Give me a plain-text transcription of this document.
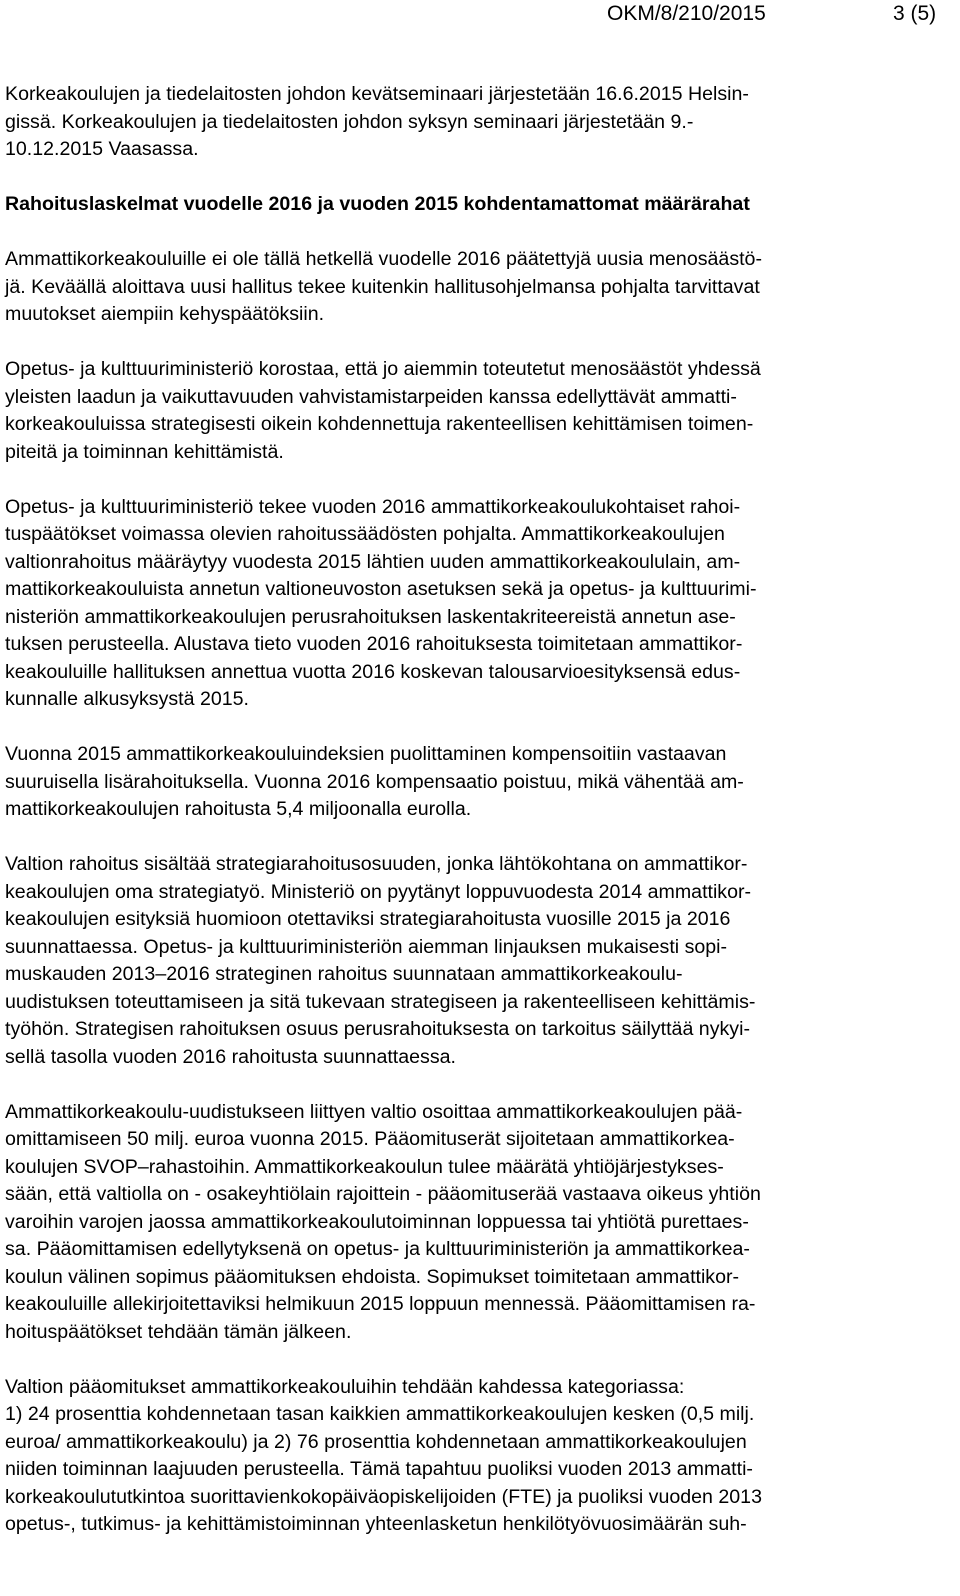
OKM/8/210/2015	3 (5)

Korkeakoulujen ja tiedelaitosten johdon kevätseminaari järjestetään 16.6.2015 Helsin-
gissä. Korkeakoulujen ja tiedelaitosten johdon syksyn seminaari järjestetään 9.-
10.12.2015 Vaasassa.

Rahoituslaskelmat vuodelle 2016 ja vuoden 2015 kohdentamattomat määrärahat

Ammattikorkeakouluille ei ole tällä hetkellä vuodelle 2016 päätettyjä uusia menosäästö-
jä. Keväällä aloittava uusi hallitus tekee kuitenkin hallitusohjelmansa pohjalta tarvittavat
muutokset aiempiin kehyspäätöksiin.

Opetus- ja kulttuuriministeriö korostaa, että jo aiemmin toteutetut menosäästöt yhdessä
yleisten laadun ja vaikuttavuuden vahvistamistarpeiden kanssa edellyttävät ammatti-
korkeakouluissa strategisesti oikein kohdennettuja rakenteellisen kehittämisen toimen-
piteitä ja toiminnan kehittämistä.

Opetus- ja kulttuuriministeriö tekee vuoden 2016 ammattikorkeakoulukohtaiset rahoi-
tuspäätökset voimassa olevien rahoitussäädösten pohjalta. Ammattikorkeakoulujen
valtionrahoitus määräytyy vuodesta 2015 lähtien uuden ammattikorkeakoululain, am-
mattikorkeakouluista annetun valtioneuvoston asetuksen sekä ja opetus- ja kulttuurimi-
nisteriön ammattikorkeakoulujen perusrahoituksen laskentakriteereistä annetun ase-
tuksen perusteella. Alustava tieto vuoden 2016 rahoituksesta toimitetaan ammattikor-
keakouluille hallituksen annettua vuotta 2016 koskevan talousarvioesityksensä edus-
kunnalle alkusyksystä 2015.

Vuonna 2015 ammattikorkeakouluindeksien puolittaminen kompensoitiin vastaavan
suuruisella lisärahoituksella. Vuonna 2016 kompensaatio poistuu, mikä vähentää am-
mattikorkeakoulujen rahoitusta 5,4 miljoonalla eurolla.

Valtion rahoitus sisältää strategiarahoitusosuuden, jonka lähtökohtana on ammattikor-
keakoulujen oma strategiatyö. Ministeriö on pyytänyt loppuvuodesta 2014 ammattikor-
keakoulujen esityksiä huomioon otettaviksi strategiarahoitusta vuosille 2015 ja 2016
suunnattaessa. Opetus- ja kulttuuriministeriön aiemman linjauksen mukaisesti sopi-
muskauden 2013–2016 strateginen rahoitus suunnataan ammattikorkeakoulu-
uudistuksen toteuttamiseen ja sitä tukevaan strategiseen ja rakenteelliseen kehittämis-
työhön. Strategisen rahoituksen osuus perusrahoituksesta on tarkoitus säilyttää nykyi-
sellä tasolla vuoden 2016 rahoitusta suunnattaessa.

Ammattikorkeakoulu-uudistukseen liittyen valtio osoittaa ammattikorkeakoulujen pää-
omittamiseen 50 milj. euroa vuonna 2015. Pääomituserät sijoitetaan ammattikorkea-
koulujen SVOP–rahastoihin. Ammattikorkeakoulun tulee määrätä yhtiöjärjestykses-
sään, että valtiolla on - osakeyhtiölain rajoittein - pääomituserää vastaava oikeus yhtiön
varoihin varojen jaossa ammattikorkeakoulutoiminnan loppuessa tai yhtiötä purettaes-
sa. Pääomittamisen edellytyksenä on opetus- ja kulttuuriministeriön ja ammattikorkea-
koulun välinen sopimus pääomituksen ehdoista. Sopimukset toimitetaan ammattikor-
keakouluille allekirjoitettaviksi helmikuun 2015 loppuun mennessä. Pääomittamisen ra-
hoituspäätökset tehdään tämän jälkeen.

Valtion pääomitukset ammattikorkeakouluihin tehdään kahdessa kategoriassa:
1) 24 prosenttia kohdennetaan tasan kaikkien ammattikorkeakoulujen kesken (0,5 milj.
euroa/ ammattikorkeakoulu) ja 2) 76 prosenttia kohdennetaan ammattikorkeakoulujen
niiden toiminnan laajuuden perusteella. Tämä tapahtuu puoliksi vuoden 2013 ammatti-
korkeakoulututkintoa suorittavienkokopäiväopiskelijoiden (FTE) ja puoliksi vuoden 2013
opetus-, tutkimus- ja kehittämistoiminnan yhteenlasketun henkilötyövuosimäärän suh-
